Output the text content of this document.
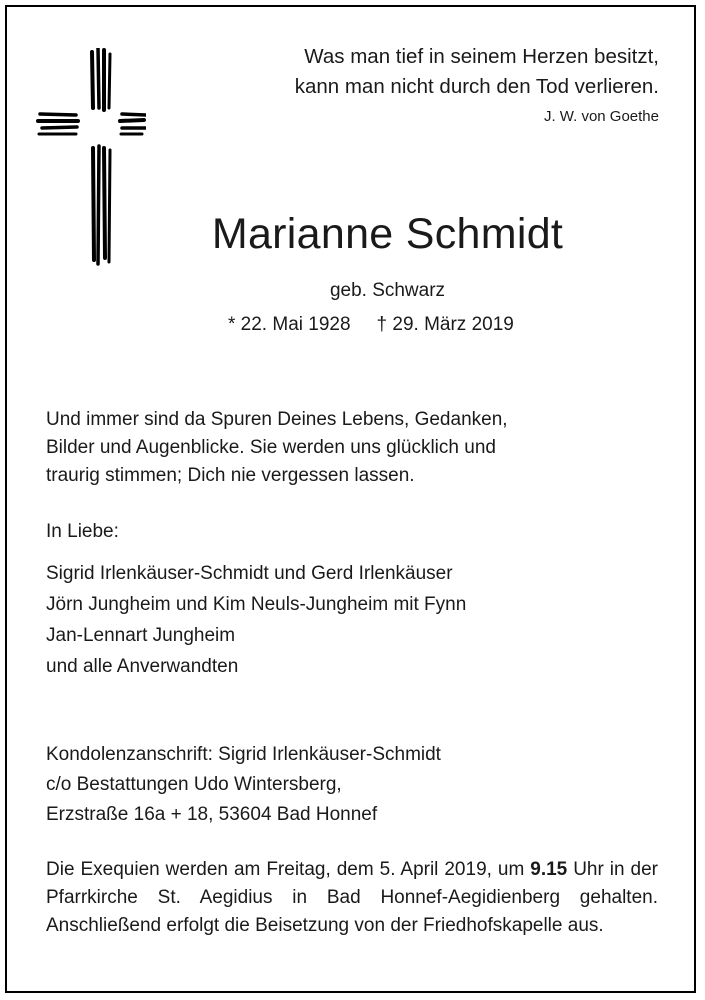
Was man tief in seinem Herzen besitzt,
kann man nicht durch den Tod verlieren.
J. W. von Goethe
Marianne Schmidt
geb. Schwarz
* 22. Mai 1928 † 29. März 2019
Und immer sind da Spuren Deines Lebens, Gedanken,
Bilder und Augenblicke. Sie werden uns glücklich und
traurig stimmen; Dich nie vergessen lassen.
In Liebe:
Sigrid Irlenkäuser-Schmidt und Gerd Irlenkäuser
Jörn Jungheim und Kim Neuls-Jungheim mit Fynn
Jan-Lennart Jungheim
und alle Anverwandten
Kondolenzanschrift: Sigrid Irlenkäuser-Schmidt
c/o Bestattungen Udo Wintersberg,
Erzstraße 16a + 18, 53604 Bad Honnef
Die Exequien werden am Freitag, dem 5. April 2019, um 9.15 Uhr in der Pfarrkirche St. Aegidius in Bad Honnef-Aegidienberg gehalten. Anschließend erfolgt die Beisetzung von der Friedhofskapelle aus.
